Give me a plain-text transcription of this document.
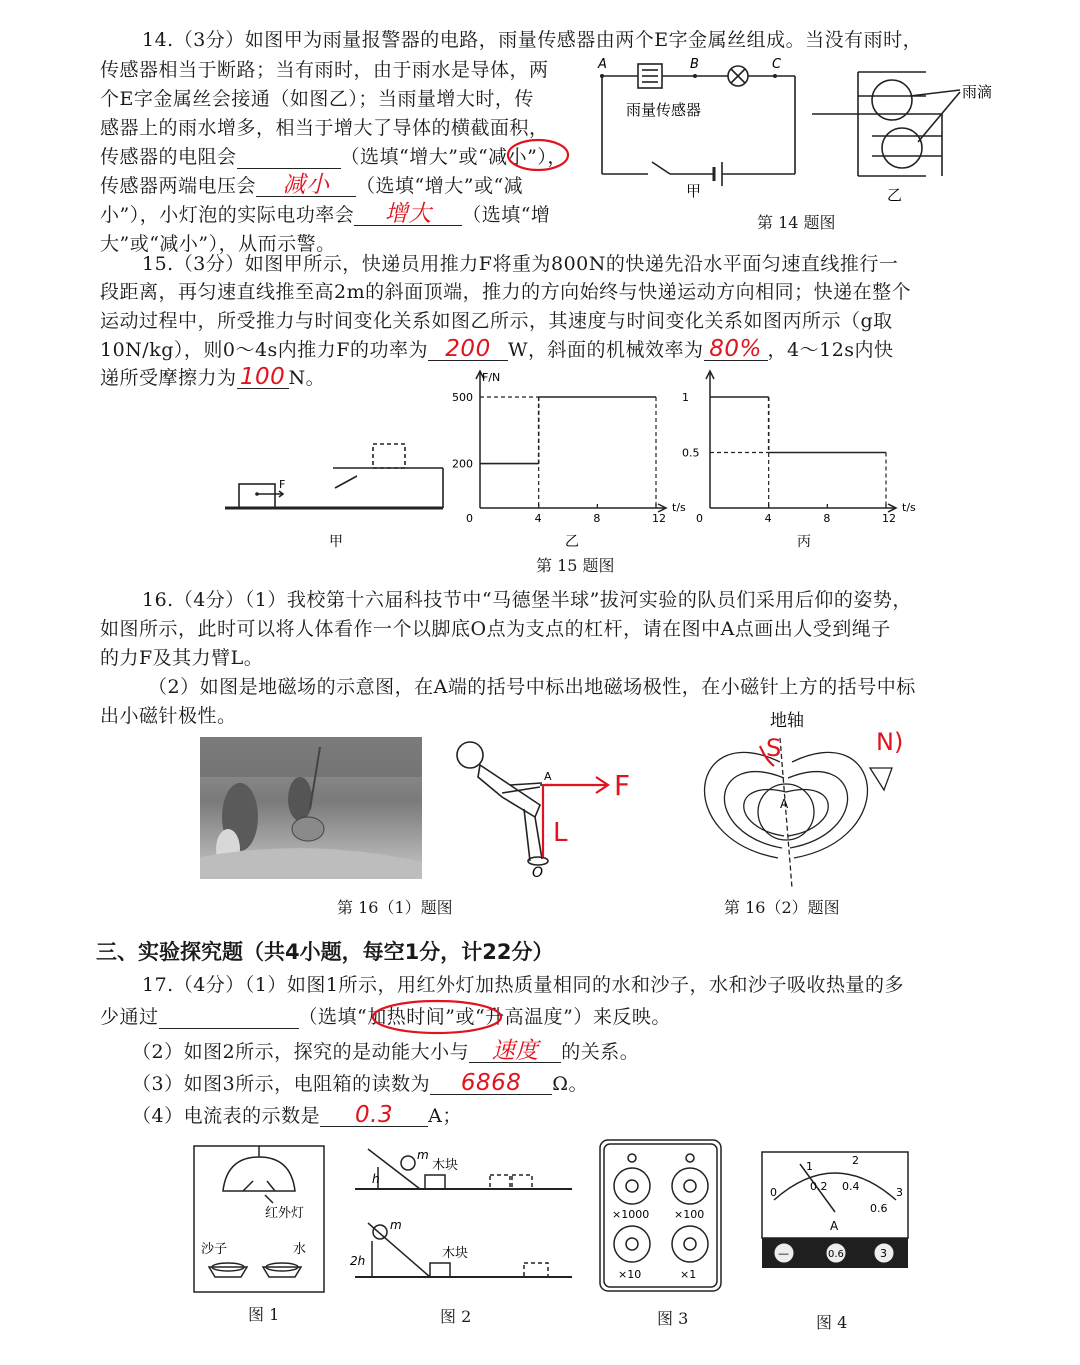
14.（3分）如图甲为雨量报警器的电路，雨量传感器由两个E字金属丝组成。当没有雨时，
传感器相当于断路；当有雨时，由于雨水是导体，两
个E字金属丝会接通（如图乙）；当雨量增大时，传
感器上的雨水增多，相当于增大了导体的横截面积，
传感器的电阻会	（选填“增大”或“减小”），
传感器两端电压会 减小 （选填“增大”或“减
小”），小灯泡的实际电功率会 增大 （选填“增
大”或“减小”），从而示警。
A	B	C
雨量传感器
甲
雨滴
乙
第 14 题图
15.（3分）如图甲所示，快递员用推力F将重为800N的快递先沿水平面匀速直线推行一
段距离，再匀速直线推至高2m的斜面顶端，推力的方向始终与快递运动方向相同；快递在整个
运动过程中，所受推力与时间变化关系如图乙所示，其速度与时间变化关系如图丙所示（g取
10N/kg），则0～4s内推力F的功率为 200 W，斜面的机械效率为 80% ，4～12s内快
递所受摩擦力为 100 N。
F
甲
0	4	8	12
200
500
F/N
t/s
乙
0	4	8	12
0.5
1
t/s
丙
第 15 题图
16.（4分）（1）我校第十六届科技节中“马德堡半球”拔河实验的队员们采用后仰的姿势，
如图所示，此时可以将人体看作一个以脚底O点为支点的杠杆，请在图中A点画出人受到绳子
的力F及其力臂L。
（2）如图是地磁场的示意图，在A端的括号中标出地磁场极性，在小磁针上方的括号中标
出小磁针极性。
A
O
F
L
地轴
S	N)
A
第 16（1）题图	第 16（2）题图
三、实验探究题（共4小题，每空1分，计22分）
17.（4分）（1）如图1所示，用红外灯加热质量相同的水和沙子，水和沙子吸收热量的多
少通过	（选填“加热时间”或“升高温度”）来反映。
（2）如图2所示，探究的是动能大小与 速度 的关系。
（3）如图3所示，电阻箱的读数为 6868 Ω。
（4）电流表的示数是 0.3 A；
红外灯
沙子	水
m
h
木块
m
2h	木块
×1000 ×100
×10	×1
—	0.6	3
A
0
1	2
3
0.2 0.4
0.6
图 1	图 2	图 3	图 4
